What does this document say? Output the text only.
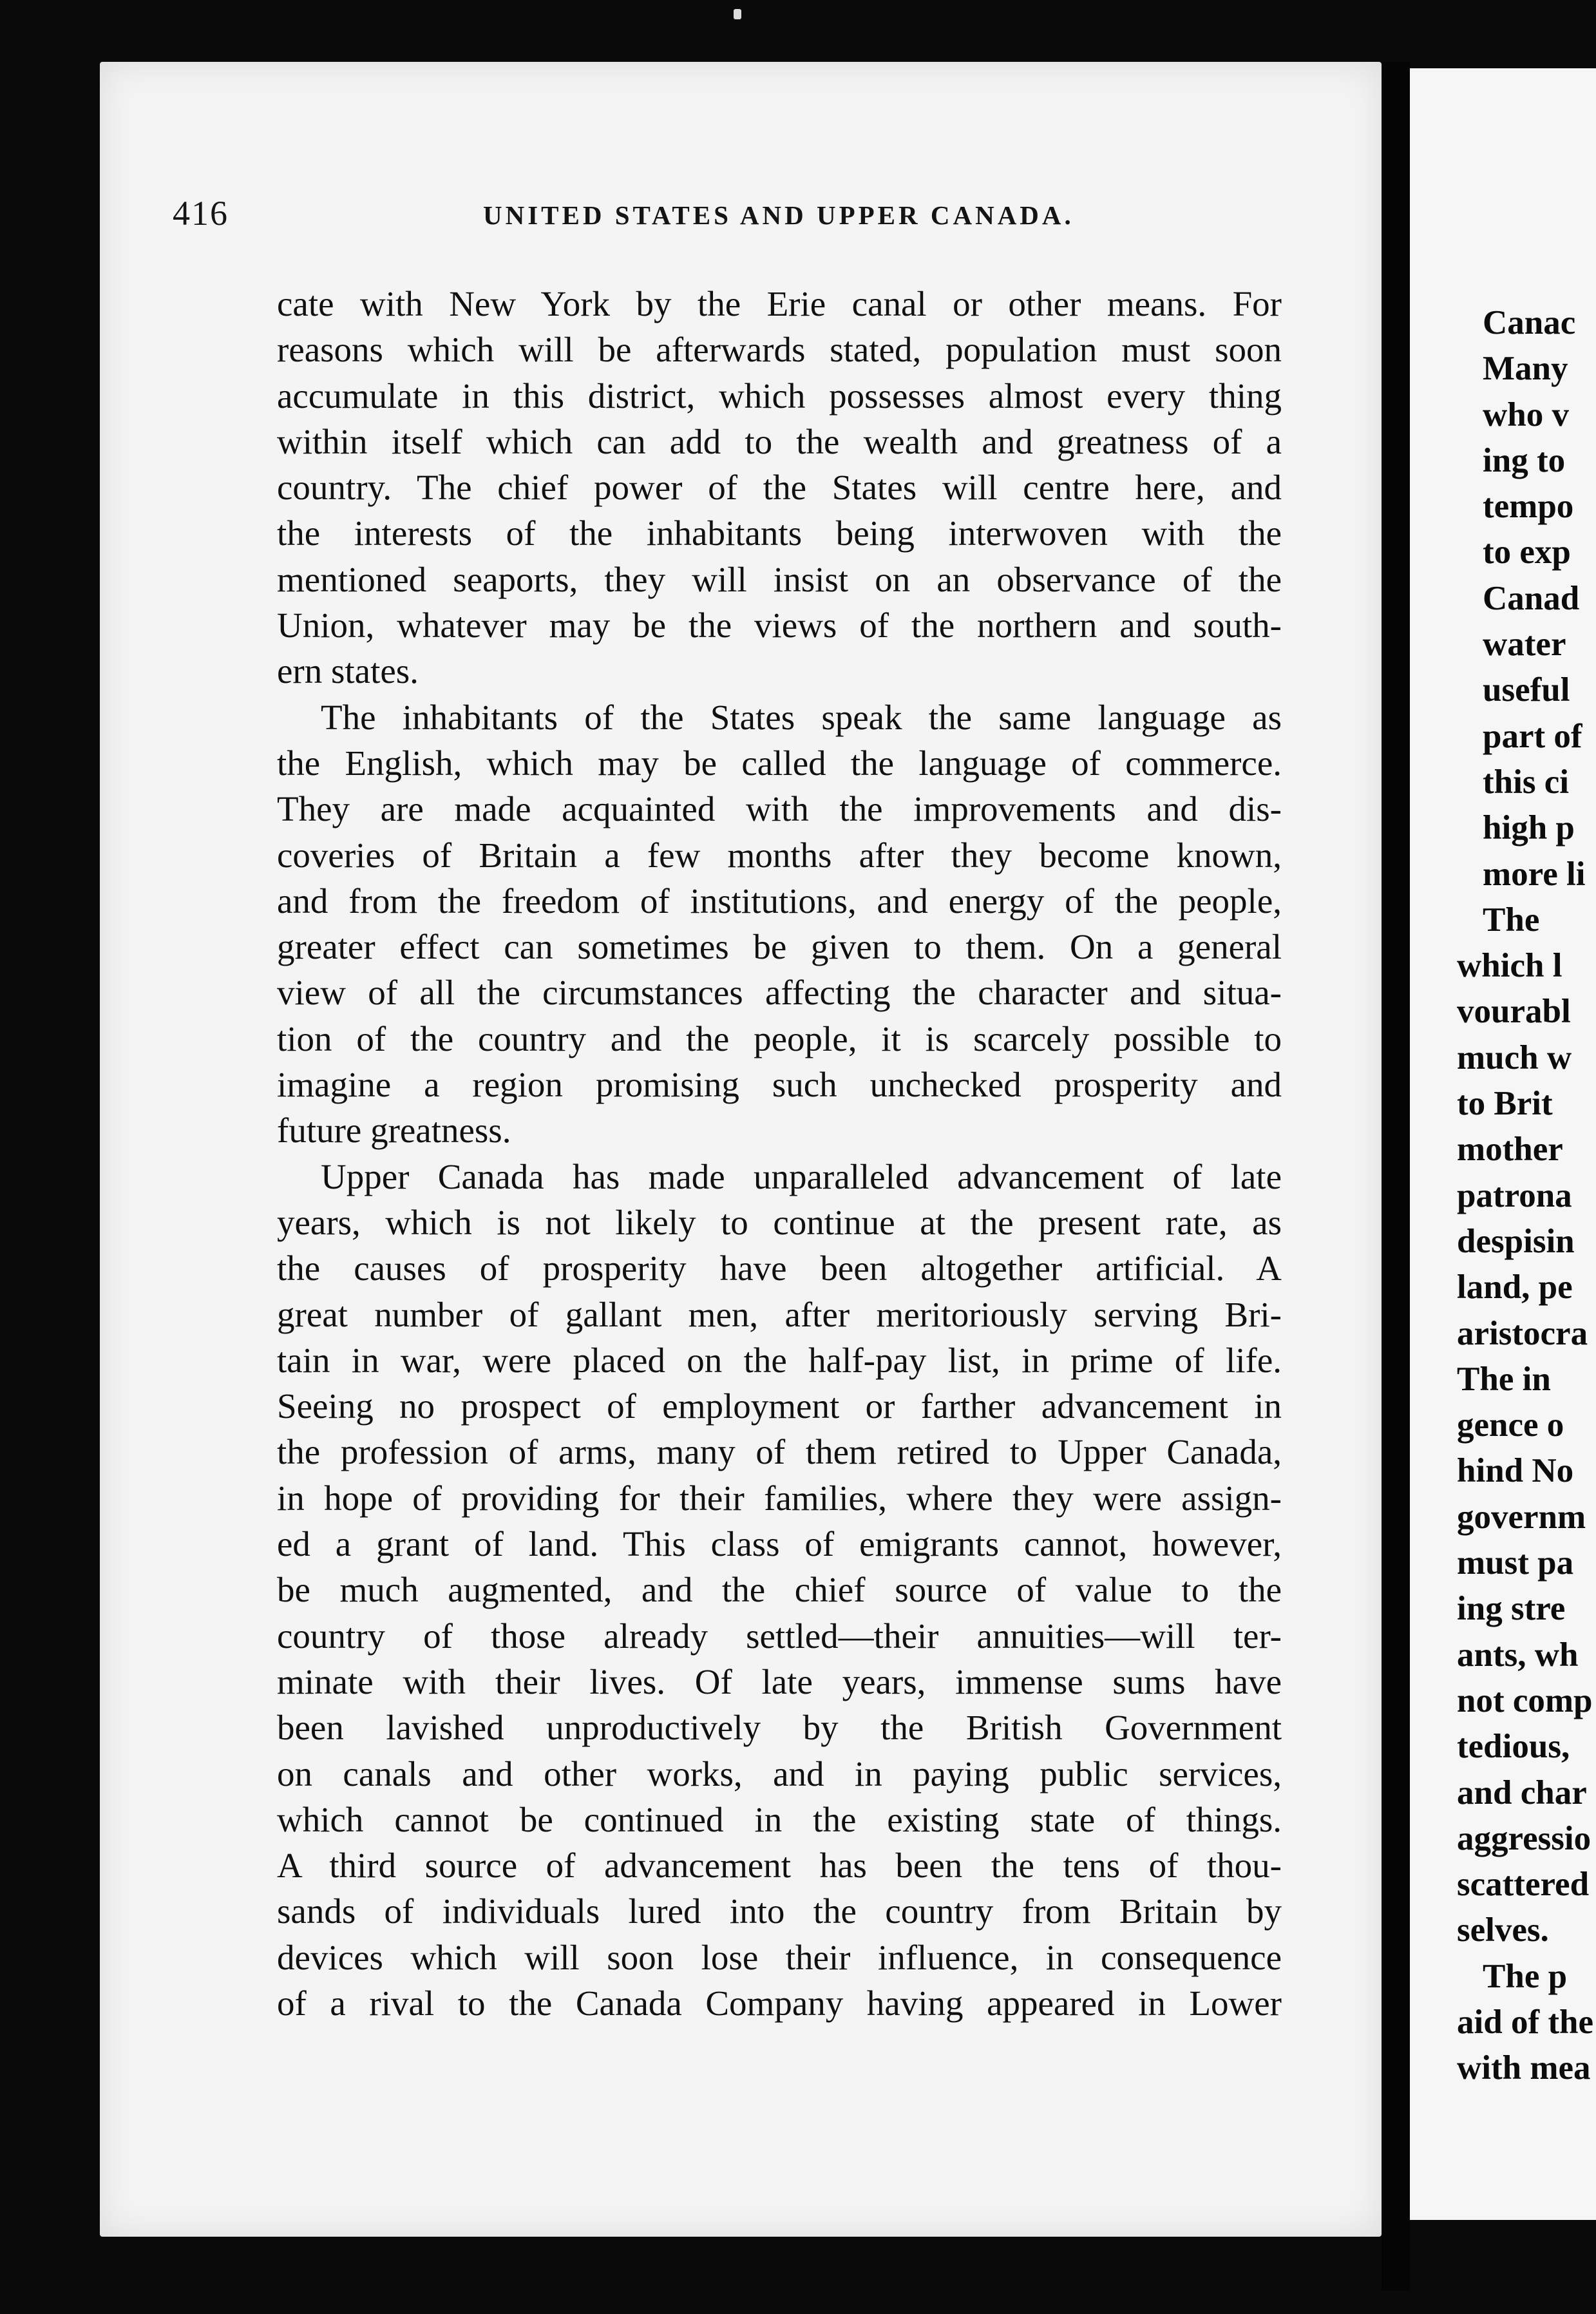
416	UNITED STATES AND UPPER CANADA.
cate with New York by the Erie canal or other means. For
reasons which will be afterwards stated, population must soon
accumulate in this district, which possesses almost every thing
within itself which can add to the wealth and greatness of a
country. The chief power of the States will centre here, and
the interests of the inhabitants being interwoven with the
mentioned seaports, they will insist on an observance of the
Union, whatever may be the views of the northern and south-
ern states.
The inhabitants of the States speak the same language as
the English, which may be called the language of commerce.
They are made acquainted with the improvements and dis-
coveries of Britain a few months after they become known,
and from the freedom of institutions, and energy of the people,
greater effect can sometimes be given to them. On a general
view of all the circumstances affecting the character and situa-
tion of the country and the people, it is scarcely possible to
imagine a region promising such unchecked prosperity and
future greatness.
Upper Canada has made unparalleled advancement of late
years, which is not likely to continue at the present rate, as
the causes of prosperity have been altogether artificial. A
great number of gallant men, after meritoriously serving Bri-
tain in war, were placed on the half-pay list, in prime of life.
Seeing no prospect of employment or farther advancement in
the profession of arms, many of them retired to Upper Canada,
in hope of providing for their families, where they were assign-
ed a grant of land. This class of emigrants cannot, however,
be much augmented, and the chief source of value to the
country of those already settled—their annuities—will ter-
minate with their lives. Of late years, immense sums have
been lavished unproductively by the British Government
on canals and other works, and in paying public services,
which cannot be continued in the existing state of things.
A third source of advancement has been the tens of thou-
sands of individuals lured into the country from Britain by
devices which will soon lose their influence, in consequence
of a rival to the Canada Company having appeared in Lower
Canac
Many
who v
ing to
tempo
to exp
Canad
water
useful
part of
this ci
high p
more li
The
which l
vourabl
much w
to Brit
mother
patrona
despisin
land, pe
aristocra
The in
gence o
hind No
governm
must pa
ing stre
ants, wh
not comp
tedious,
and char
aggressio
scattered
selves.
The p
aid of the
with mea
